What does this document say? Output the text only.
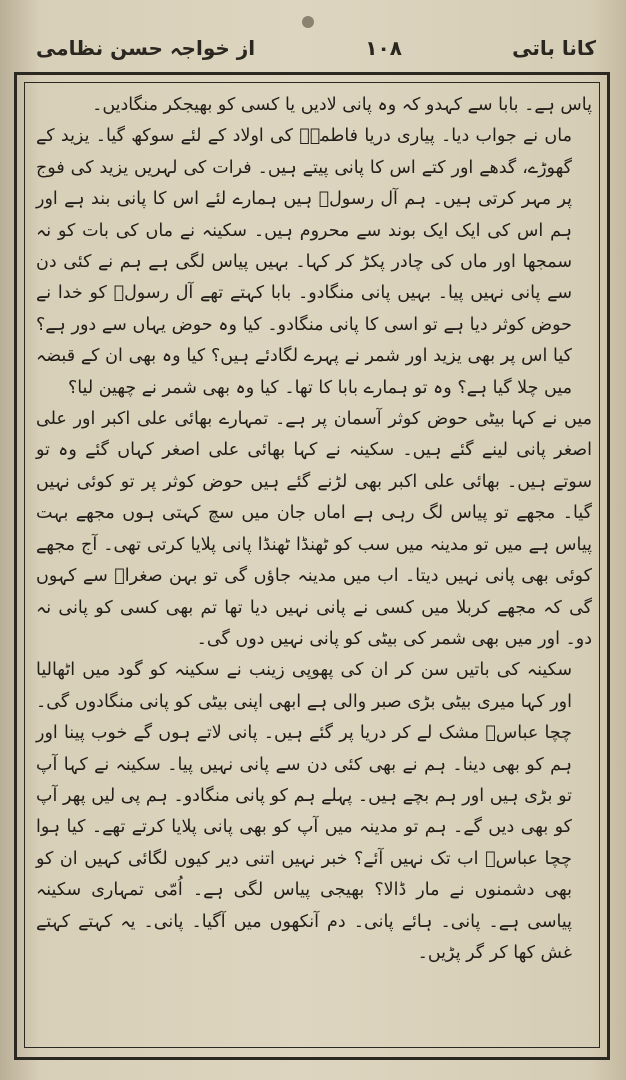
کانا باتی
۱۰۸
از خواجہ حسن نظامی

پاس ہے۔ بابا سے کہدو کہ وہ پانی لادیں یا کسی کو بھیجکر منگادیں۔

ماں نے جواب دیا۔ پیاری دریا فاطمہؑ کی اولاد کے لئے سوکھ گیا۔ یزید کے گھوڑے، گدھے اور کتے اس کا پانی پیتے ہیں۔ فرات کی لہریں یزید کی فوج پر مہر کرتی ہیں۔ ہم آل رسولؐ ہیں ہمارے لئے اس کا پانی بند ہے اور ہم اس کی ایک ایک بوند سے محروم ہیں۔ سکینہ نے ماں کی بات کو نہ سمجھا اور ماں کی چادر پکڑ کر کہا۔ بہیں پیاس لگی ہے ہم نے کئی دن سے پانی نہیں پیا۔ بہیں پانی منگادو۔ بابا کہتے تھے آل رسولؐ کو خدا نے حوض کوثر دیا ہے تو اسی کا پانی منگادو۔ کیا وہ حوض یہاں سے دور ہے؟ کیا اس پر بھی یزید اور شمر نے پہرے لگادئے ہیں؟ کیا وہ بھی ان کے قبضہ میں چلا گیا ہے؟ وہ تو ہمارے بابا کا تھا۔ کیا وہ بھی شمر نے چھین لیا؟

میں نے کہا بیٹی حوض کوثر آسمان پر ہے۔ تمہارے بھائی علی اکبر اور علی اصغر پانی لینے گئے ہیں۔ سکینہ نے کہا بھائی علی اصغر کہاں گئے وہ تو سوتے ہیں۔ بھائی علی اکبر بھی لڑنے گئے ہیں حوض کوثر پر تو کوئی نہیں گیا۔ مجھے تو پیاس لگ رہی ہے اماں جان میں سچ کہتی ہوں مجھے بہت پیاس ہے میں تو مدینہ میں سب کو ٹھنڈا ٹھنڈا پانی پلایا کرتی تھی۔ آج مجھے کوئی بھی پانی نہیں دیتا۔ اب میں مدینہ جاؤں گی تو بہن صغراؑ سے کہوں گی کہ مجھے کربلا میں کسی نے پانی نہیں دیا تھا تم بھی کسی کو پانی نہ دو۔ اور میں بھی شمر کی بیٹی کو پانی نہیں دوں گی۔

سکینہ کی باتیں سن کر ان کی پھوپی زینب نے سکینہ کو گود میں اٹھالیا اور کہا میری بیٹی بڑی صبر والی ہے ابھی اپنی بیٹی کو پانی منگادوں گی۔ چچا عباسؑ مشک لے کر دریا پر گئے ہیں۔ پانی لاتے ہوں گے خوب پینا اور ہم کو بھی دینا۔ ہم نے بھی کئی دن سے پانی نہیں پیا۔ سکینہ نے کہا آپ تو بڑی ہیں اور ہم بچے ہیں۔ پہلے ہم کو پانی منگادو۔ ہم پی لیں پھر آپ کو بھی دیں گے۔ ہم تو مدینہ میں آپ کو بھی پانی پلایا کرتے تھے۔ کیا ہوا چچا عباسؑ اب تک نہیں آئے؟ خبر نہیں اتنی دیر کیوں لگائی کہیں ان کو بھی دشمنوں نے مار ڈالا؟ بھیجی پیاس لگی ہے۔ اُمّی تمہاری سکینہ پیاسی ہے۔ پانی۔ ہائے پانی۔ دم آنکھوں میں آگیا۔ پانی۔ یہ کہتے کہتے غش کھا کر گر پڑیں۔
